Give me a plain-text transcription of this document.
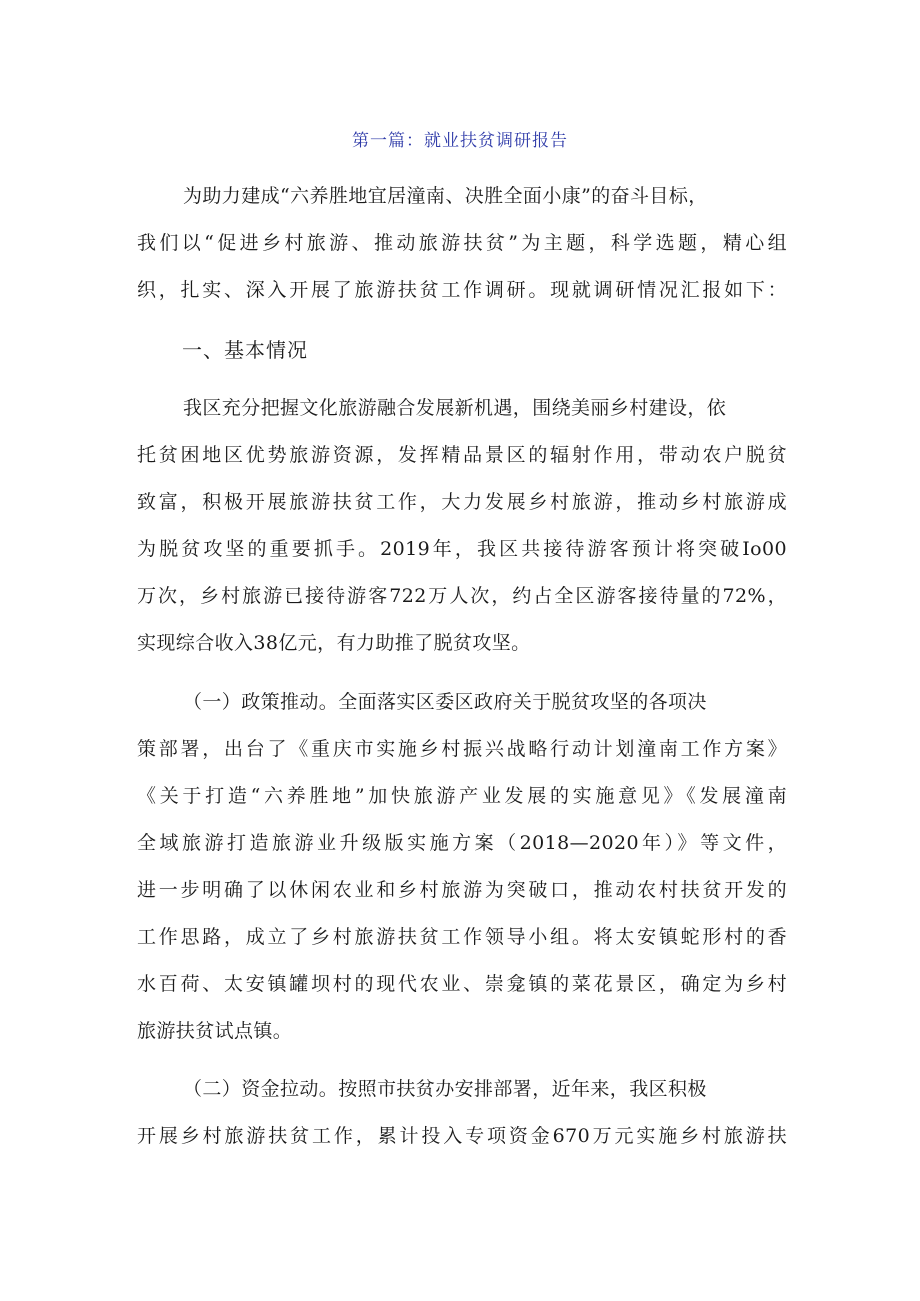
第一篇：就业扶贫调研报告
为助力建成“六养胜地宜居潼南、决胜全面小康”的奋斗目标，
我们以“促进乡村旅游、推动旅游扶贫”为主题，科学选题，精心组
织，扎实、深入开展了旅游扶贫工作调研。现就调研情况汇报如下：
一、基本情况
我区充分把握文化旅游融合发展新机遇，围绕美丽乡村建设，依
托贫困地区优势旅游资源，发挥精品景区的辐射作用，带动农户脱贫
致富，积极开展旅游扶贫工作，大力发展乡村旅游，推动乡村旅游成
为脱贫攻坚的重要抓手。2019年，我区共接待游客预计将突破Io00
万次，乡村旅游已接待游客722万人次，约占全区游客接待量的72%，
实现综合收入38亿元，有力助推了脱贫攻坚。
（一）政策推动。全面落实区委区政府关于脱贫攻坚的各项决
策部署，出台了《重庆市实施乡村振兴战略行动计划潼南工作方案》
《关于打造“六养胜地”加快旅游产业发展的实施意见》《发展潼南
全域旅游打造旅游业升级版实施方案（2018—2020年）》等文件，
进一步明确了以休闲农业和乡村旅游为突破口，推动农村扶贫开发的
工作思路，成立了乡村旅游扶贫工作领导小组。将太安镇蛇形村的香
水百荷、太安镇罐坝村的现代农业、崇龛镇的菜花景区，确定为乡村
旅游扶贫试点镇。
（二）资金拉动。按照市扶贫办安排部署，近年来，我区积极
开展乡村旅游扶贫工作，累计投入专项资金670万元实施乡村旅游扶
